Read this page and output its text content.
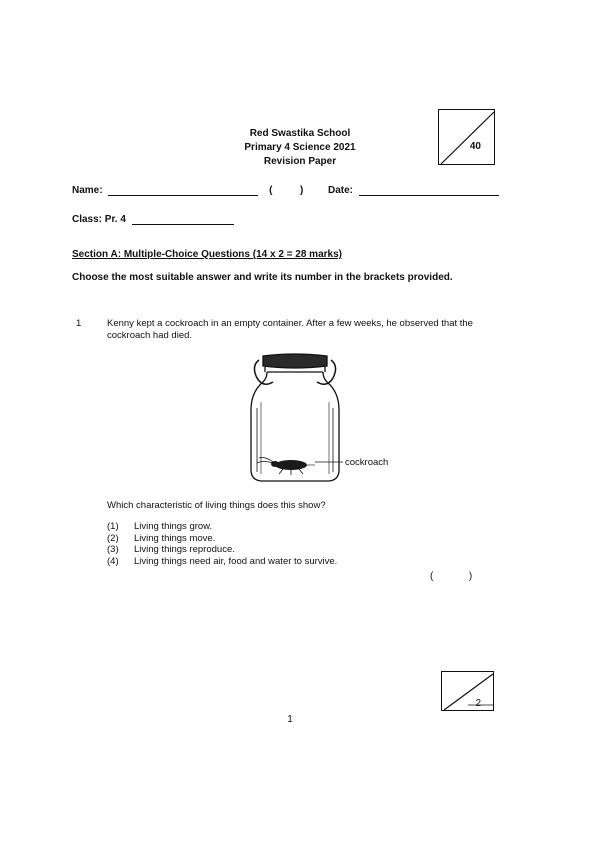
Red Swastika School
Primary 4 Science 2021
Revision Paper
40
Name:	(	) Date:
Class: Pr. 4
Section A: Multiple-Choice Questions (14 x 2 = 28 marks)
Choose the most suitable answer and write its number in the brackets provided.
1	Kenny kept a cockroach in an empty container. After a few weeks, he observed that the cockroach had died.
cockroach
Which characteristic of living things does this show?
(1)	Living things grow.
(2)	Living things move.
(3)	Living things reproduce.
(4)	Living things need air, food and water to survive.
(	)
2
1
